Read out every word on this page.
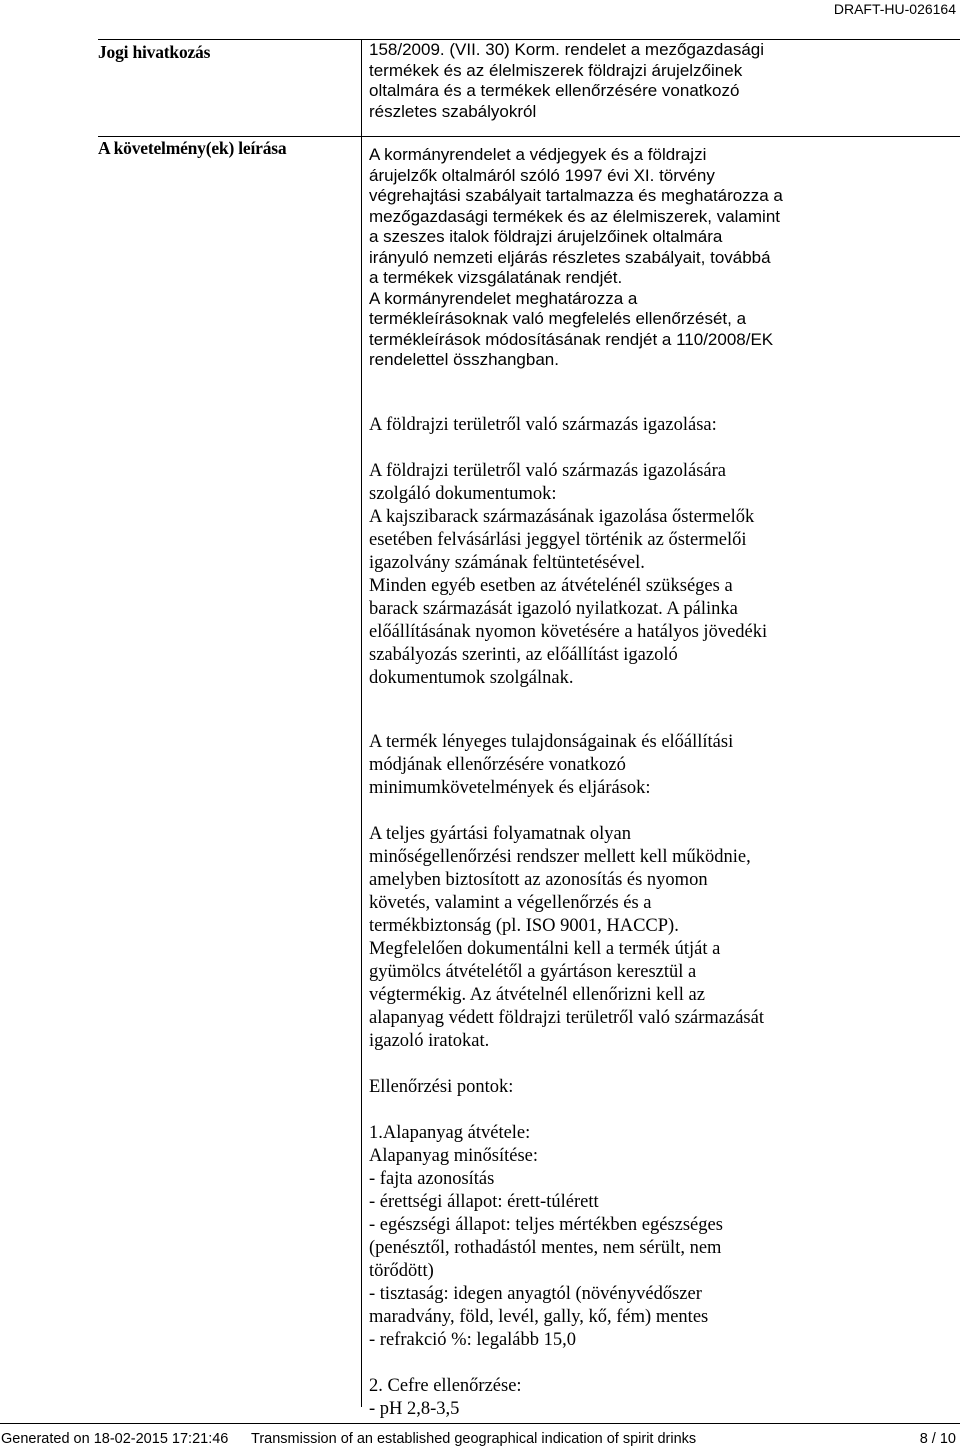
DRAFT-HU-026164
Jogi hivatkozás
A követelmény(ek) leírása
158/2009. (VII. 30) Korm. rendelet a mezőgazdasági
termékek és az élelmiszerek földrajzi árujelzőinek
oltalmára és a termékek ellenőrzésére vonatkozó
részletes szabályokról
A kormányrendelet a védjegyek és a földrajzi
árujelzők oltalmáról szóló 1997 évi XI. törvény
végrehajtási szabályait tartalmazza és meghatározza a
mezőgazdasági termékek és az élelmiszerek, valamint
a szeszes italok földrajzi árujelzőinek oltalmára
irányuló nemzeti eljárás részletes szabályait, továbbá
a termékek vizsgálatának rendjét.
A kormányrendelet meghatározza a
termékleírásoknak való megfelelés ellenőrzését, a
termékleírások módosításának rendjét a 110/2008/EK
rendelettel összhangban.
A földrajzi területről való származás igazolása:
A földrajzi területről való származás igazolására
szolgáló dokumentumok:
A kajszibarack származásának igazolása őstermelők
esetében felvásárlási jeggyel történik az őstermelői
igazolvány számának feltüntetésével.
Minden egyéb esetben az átvételénél szükséges a
barack származását igazoló nyilatkozat. A pálinka
előállításának nyomon követésére a hatályos jövedéki
szabályozás szerinti, az előállítást igazoló
dokumentumok szolgálnak.
A termék lényeges tulajdonságainak és előállítási
módjának ellenőrzésére vonatkozó
minimumkövetelmények és eljárások:
A teljes gyártási folyamatnak olyan
minőségellenőrzési rendszer mellett kell működnie,
amelyben biztosított az azonosítás és nyomon
követés, valamint a végellenőrzés és a
termékbiztonság (pl. ISO 9001, HACCP).
Megfelelően dokumentálni kell a termék útját a
gyümölcs átvételétől a gyártáson keresztül a
végtermékig. Az átvételnél ellenőrizni kell az
alapanyag védett földrajzi területről való származását
igazoló iratokat.
Ellenőrzési pontok:
1.Alapanyag átvétele:
Alapanyag minősítése:
- fajta azonosítás
- érettségi állapot: érett-túlérett
- egészségi állapot: teljes mértékben egészséges
(penésztől, rothadástól mentes, nem sérült, nem
törődött)
- tisztaság: idegen anyagtól (növényvédőszer
maradvány, föld, levél, gally, kő, fém) mentes
- refrakció %: legalább 15,0
2. Cefre ellenőrzése:
- pH 2,8-3,5
Generated on 18-02-2015 17:21:46 Transmission of an established geographical indication of spirit drinks	8 / 10
